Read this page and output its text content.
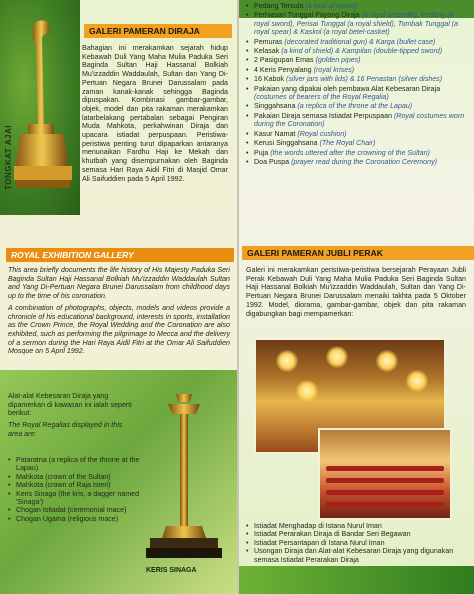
TONGKAT AJAI
GALERI PAMERAN DIRAJA

Bahagian ini merakamkan sejarah hidup Kebawah Duli Yang Maha Mulia Paduka Seri Baginda Sultan Haji Hassanal Bolkiah Mu'izzaddin Waddaulah, Sultan dan Yang Di-Pertuan Negara Brunei Darussalam pada zaman kanak-kanak sehingga Baginda dipuspakan. Kombinasi gambar-gambar, objek, model dan pita rakaman merakamkan latarbelakang pertabalan sebagai Pengiran Muda Mahkota, perkahwinan Diraja dan upacara istiadat perpuspaan. Peristiwa-peristiwa penting turut dipaparkan antaranya menunaikan Fardhu Haji ke Mekah dan khutbah yang disempurnakan oleh Baginda semasa Hari Raya Aidil Fitri di Masjid Omar Ali Saifuddien pada 5 April 1992.

ROYAL EXHIBITION GALLERY

This area briefly documents the life history of His Majesty Paduka Seri Baginda Sultan Haji Hassanal Bolkiah Mu'izzaddin Waddaulah Sultan and Yang Di-Pertuan Negara Brunei Darussalam from childhood days up to the time of his coronation.

A combination of photographs, objects, models and videos provide a chronicle of his educational background, interests in sports, installation as the Crown Prince, the Royal Wedding and the Coronation are also exhibited, such as performing the pilgrimage to Mecca and the delivery of a sermon during the Hari Raya Aidil Fitri at the Omar Ali Saifuddien Mosque on 5 April 1992.

Alat-alat Kebesaran Diraja yang dipamerkan di kawasan ini ialah seperti berikut:

The Royal Regalias displayed in this area are:

• Pataratna (a replica of the throne at the Lapau)
• Mahkota (crown of the Sultan)
• Mahkota (crown of Raja Isteri)
• Keris Sinaga (the kris, a dagger named 'Sinaga')
• Chogan Istiadat (ceremonial mace)
• Chogan Ugama (religious mace)
KERIS SINAGA
• Pedang Tersula (a kind of sword)
• Perhiasan Tunggal Payong Diraja (a royal umbrella), Pedang (a royal sword), Perisai Tunggal (a royal shield), Tombak Tunggal (a royal spear) & Kaskol (a royal betel-casket)
• Pemuras (decorated traditional gun) & Karga (bullet case)
• Kelasak (a kind of shield) & Kampilan (double-tipped sword)
• 2 Pasigupan Emas (golden pipes)
• 4 Keris Penyalang (royal krises)
• 16 Kabok (silver jars with lids) & 16 Penastan (silver dishes)
• Pakaian yang dipakai oleh pembawa Alat Kebesaran Diraja (costumes of bearers of the Royal Regalia)
• Singgahsana (a replica of the throne at the Lapau)
• Pakaian Diraja semasa Istiadat Perpuspaan (Royal costumes worn during the Coronation)
• Kasur Namat (Royal cushion)
• Kerusi Singgahsana (The Royal Chair)
• Puja (the words uttered after the crowning of the Sultan)
• Doa Puspa (prayer read during the Coronation Ceremony)
GALERI PAMERAN JUBLI PERAK

Galeri ini merakamkan peristiwa-peristiwa bersejarah Perayaan Jubli Perak Kebawah Duli Yang Maha Mulia Paduka Seri Baginda Sultan Haji Hassanal Bolkiah Mu'izzaddin Waddaulah, Sultan dan Yang Di-Pertuan Negara Brunei Darussalam menaiki takhta pada 5 Oktober 1992. Model, diorama, gambar-gambar, objek dan pita rakaman digabungkan bagi mempamerkan:

• Istiadat Menghadap di Istana Nurul Iman
• Istiadat Perarakan Diraja di Bandar Seri Begawan
• Istiadat Persantapan di Istana Nurul Iman
• Usongan Diraja dan Alat-alat Kebesaran Diraja yang digunakan semasa Istiadat Perarakan Diraja
